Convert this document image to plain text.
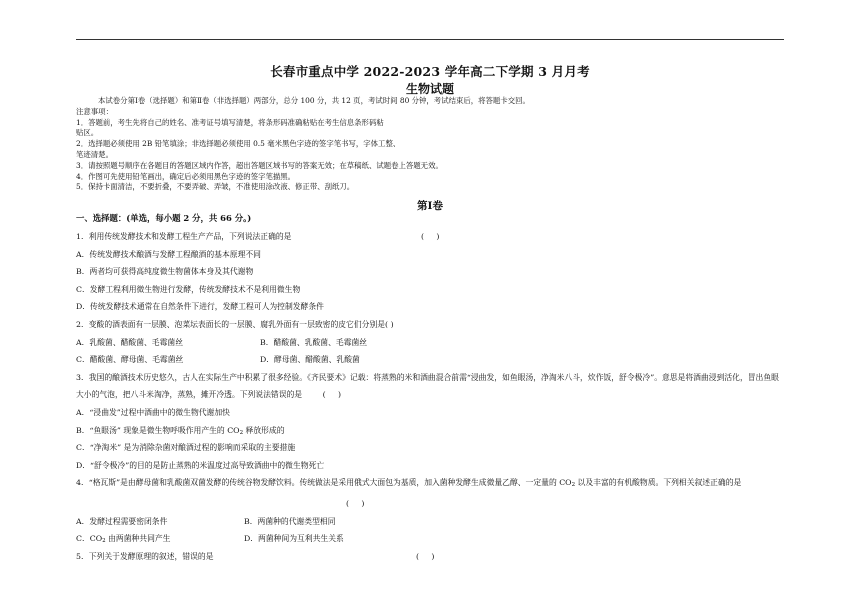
长春市重点中学 2022-2023 学年高二下学期 3 月月考
生物试题
本试卷分第Ⅰ卷（选择题）和第Ⅱ卷（非选择题）两部分，总分 100 分，共 12 页，考试时间 80 分钟，考试结束后，将答题卡交回。
注意事项：
1．答题前，考生先将自己的姓名、准考证号填写清楚，将条形码准确粘贴在考生信息条形码粘
贴区。
2．选择题必须使用 2B 铅笔填涂；非选择题必须使用 0.5 毫米黑色字迹的签字笔书写，字体工整、
笔迹清楚。
3．请按照题号顺序在各题目的答题区域内作答，超出答题区域书写的答案无效；在草稿纸、试题卷上答题无效。
4．作图可先使用铅笔画出，确定后必须用黑色字迹的签字笔描黑。
5．保持卡面清洁，不要折叠，不要弄破、弄皱，不准使用涂改液、修正带、刮纸刀。
第Ⅰ卷
一、选择题：(单选，每小题 2 分，共 66 分。)
1．利用传统发酵技术和发酵工程生产产品，下列说法正确的是	(     )
A．传统发酵技术酿酒与发酵工程酿酒的基本原理不同
B．两者均可获得高纯度微生物菌体本身及其代谢物
C．发酵工程利用微生物进行发酵，传统发酵技术不是利用微生物
D．传统发酵技术通常在自然条件下进行，发酵工程可人为控制发酵条件
2．变酸的酒表面有一层膜、泡菜坛表面长的一层膜、腐乳外面有一层致密的皮它们分别是( )
A．乳酸菌、醋酸菌、毛霉菌丝	B．醋酸菌、乳酸菌、毛霉菌丝
C．醋酸菌、酵母菌、毛霉菌丝	D．酵母菌、醋酸菌、乳酸菌
3．我国的酿酒技术历史悠久，古人在实际生产中积累了很多经验。《齐民要术》记载：将蒸熟的米和酒曲混合前需“浸曲发，如鱼眼汤，净淘米八斗，炊作饭，舒令极冷”。意思是将酒曲浸到活化，冒出鱼眼大小的气泡，把八斗米淘净，蒸熟，摊开冷透。下列说法错误的是	(     )
A．“浸曲发”过程中酒曲中的微生物代谢加快
B．“鱼眼汤” 现象是微生物呼吸作用产生的 $CO_2$ 释放形成的
C．“净淘米” 是为消除杂菌对酿酒过程的影响而采取的主要措施
D．“舒令极冷”的目的是防止蒸熟的米温度过高导致酒曲中的微生物死亡
4．“格瓦斯”是由酵母菌和乳酸菌双菌发酵的传统谷物发酵饮料。传统做法是采用俄式大面包为基质，加入菌种发酵生成微量乙醇、一定量的 $CO_2$ 以及丰富的有机酸物质。下列相关叙述正确的是 (     )
A．发酵过程需要密闭条件	B．两菌种的代谢类型相同
C．$CO_2$ 由两菌种共同产生	D．两菌种间为互利共生关系
5．下列关于发酵原理的叙述，错误的是	(     )
